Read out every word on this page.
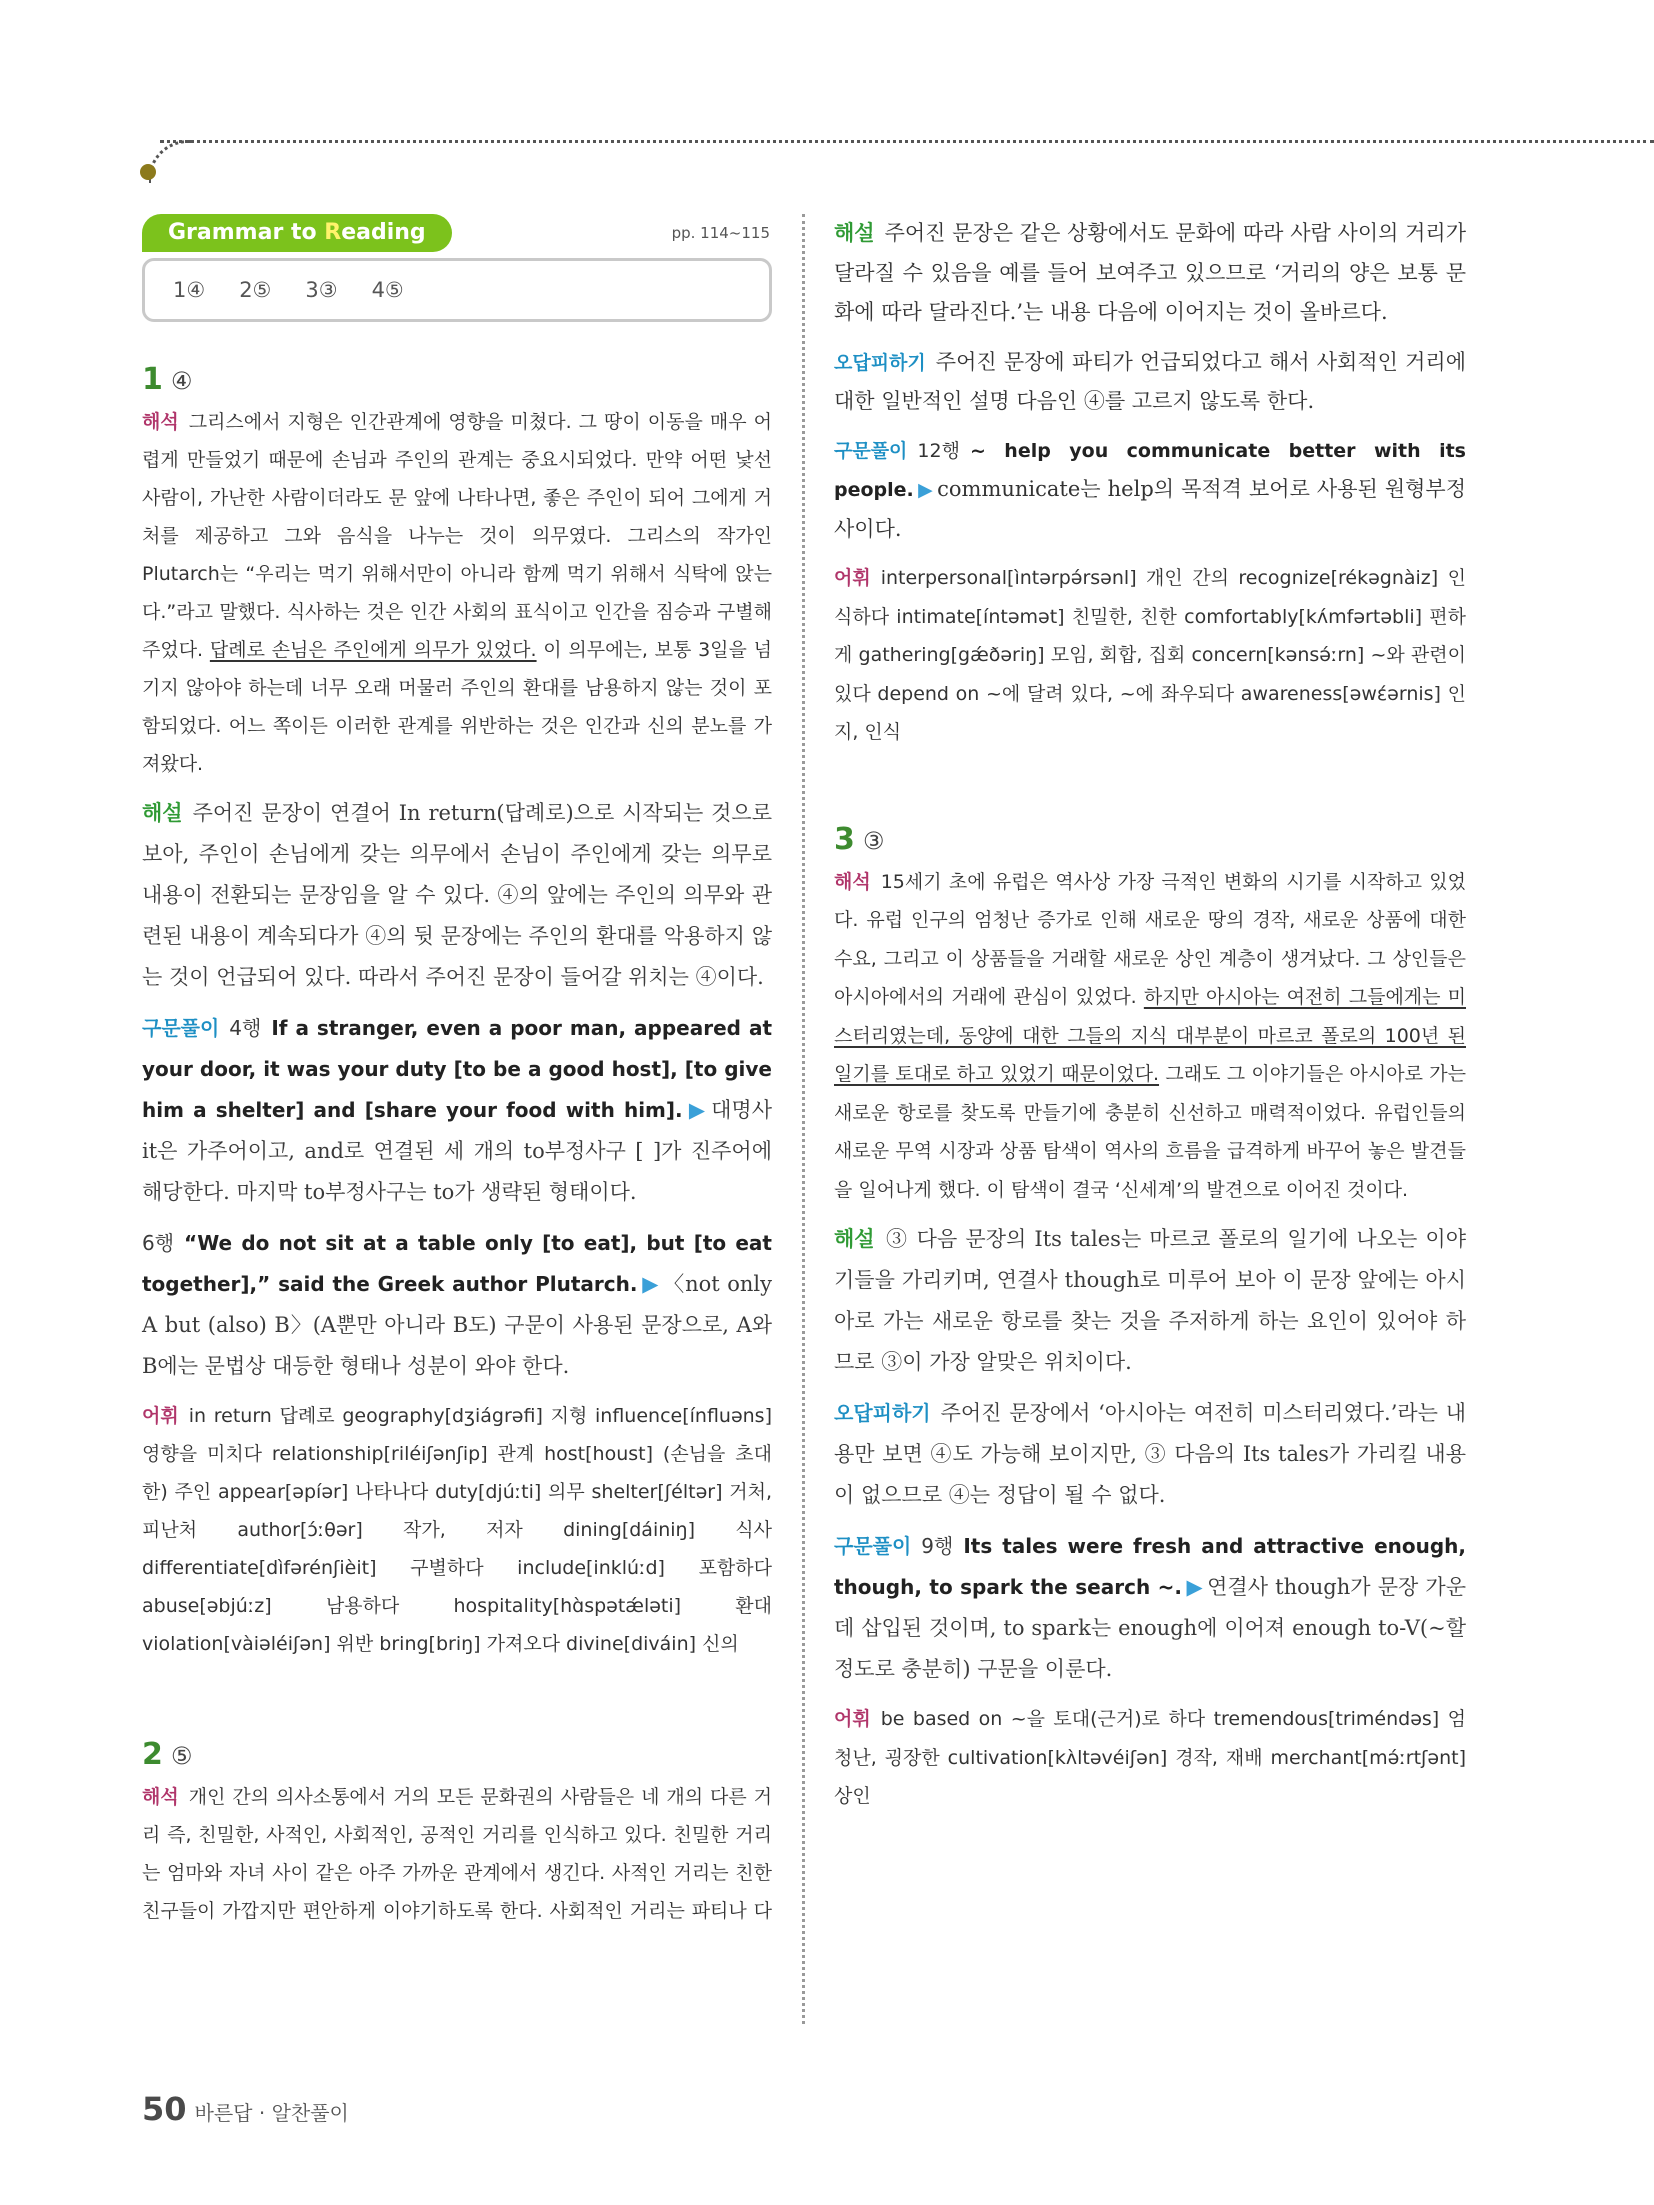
Grammar to Reading	pp. 114~115
1④ 2⑤ 3③ 4⑤
1 ④

해석 그리스에서 지형은 인간관계에 영향을 미쳤다. 그 땅이 이동을 매우 어렵게 만들었기 때문에 손님과 주인의 관계는 중요시되었다. 만약 어떤 낯선 사람이, 가난한 사람이더라도 문 앞에 나타나면, 좋은 주인이 되어 그에게 거처를 제공하고 그와 음식을 나누는 것이 의무였다. 그리스의 작가인 Plutarch는 “우리는 먹기 위해서만이 아니라 함께 먹기 위해서 식탁에 앉는다.”라고 말했다. 식사하는 것은 인간 사회의 표식이고 인간을 짐승과 구별해 주었다. 답례로 손님은 주인에게 의무가 있었다. 이 의무에는, 보통 3일을 넘기지 않아야 하는데 너무 오래 머물러 주인의 환대를 남용하지 않는 것이 포함되었다. 어느 쪽이든 이러한 관계를 위반하는 것은 인간과 신의 분노를 가져왔다.

해설 주어진 문장이 연결어 In return(답례로)으로 시작되는 것으로 보아, 주인이 손님에게 갖는 의무에서 손님이 주인에게 갖는 의무로 내용이 전환되는 문장임을 알 수 있다. ④의 앞에는 주인의 의무와 관련된 내용이 계속되다가 ④의 뒷 문장에는 주인의 환대를 악용하지 않는 것이 언급되어 있다. 따라서 주어진 문장이 들어갈 위치는 ④이다.

구문풀이 4행 If a stranger, even a poor man, appeared at your door, it was your duty [to be a good host], [to give him a shelter] and [share your food with him]. ▶ 대명사 it은 가주어이고, and로 연결된 세 개의 to부정사구 [ ]가 진주어에 해당한다. 마지막 to부정사구는 to가 생략된 형태이다.

6행 “We do not sit at a table only [to eat], but [to eat together],” said the Greek author Plutarch. ▶ 〈not only A but (also) B〉(A뿐만 아니라 B도) 구문이 사용된 문장으로, A와 B에는 문법상 대등한 형태나 성분이 와야 한다.

어휘 in return 답례로 geography[dʒiágrəfi] 지형 influence[ínfluəns] 영향을 미치다 relationship[riléiʃənʃip] 관계 host[houst] (손님을 초대한) 주인 appear[əpíər] 나타나다 duty[djúːti] 의무 shelter[ʃéltər] 거처, 피난처 author[ɔ́ːθər] 작가, 저자 dining[dáiniŋ] 식사 differentiate[dìfərénʃièit] 구별하다 include[inklúːd] 포함하다 abuse[əbjúːz] 남용하다 hospitality[hɑ̀spətǽləti] 환대 violation[vàiəléiʃən] 위반 bring[briŋ] 가져오다 divine[diváin] 신의

2 ⑤

해석 개인 간의 의사소통에서 거의 모든 문화권의 사람들은 네 개의 다른 거리 즉, 친밀한, 사적인, 사회적인, 공적인 거리를 인식하고 있다. 친밀한 거리는 엄마와 자녀 사이 같은 아주 가까운 관계에서 생긴다. 사적인 거리는 친한 친구들이 가깝지만 편안하게 이야기하도록 한다. 사회적인 거리는 파티나 다

해설 주어진 문장은 같은 상황에서도 문화에 따라 사람 사이의 거리가 달라질 수 있음을 예를 들어 보여주고 있으므로 ‘거리의 양은 보통 문화에 따라 달라진다.’는 내용 다음에 이어지는 것이 올바르다.

오답피하기 주어진 문장에 파티가 언급되었다고 해서 사회적인 거리에 대한 일반적인 설명 다음인 ④를 고르지 않도록 한다.

구문풀이 12행 ~ help you communicate better with its people. ▶ communicate는 help의 목적격 보어로 사용된 원형부정사이다.

어휘 interpersonal[ìntərpə́rsənl] 개인 간의 recognize[rékəgnàiz] 인식하다 intimate[íntəmət] 친밀한, 친한 comfortably[kʌ́mfərtəbli] 편하게 gathering[gǽðəriŋ] 모임, 회합, 집회 concern[kənsə́ːrn] ~와 관련이 있다 depend on ~에 달려 있다, ~에 좌우되다 awareness[əwέərnis] 인지, 인식

3 ③

해석 15세기 초에 유럽은 역사상 가장 극적인 변화의 시기를 시작하고 있었다. 유럽 인구의 엄청난 증가로 인해 새로운 땅의 경작, 새로운 상품에 대한 수요, 그리고 이 상품들을 거래할 새로운 상인 계층이 생겨났다. 그 상인들은 아시아에서의 거래에 관심이 있었다. 하지만 아시아는 여전히 그들에게는 미스터리였는데, 동양에 대한 그들의 지식 대부분이 마르코 폴로의 100년 된 일기를 토대로 하고 있었기 때문이었다. 그래도 그 이야기들은 아시아로 가는 새로운 항로를 찾도록 만들기에 충분히 신선하고 매력적이었다. 유럽인들의 새로운 무역 시장과 상품 탐색이 역사의 흐름을 급격하게 바꾸어 놓은 발견들을 일어나게 했다. 이 탐색이 결국 ‘신세계’의 발견으로 이어진 것이다.

해설 ③ 다음 문장의 Its tales는 마르코 폴로의 일기에 나오는 이야기들을 가리키며, 연결사 though로 미루어 보아 이 문장 앞에는 아시아로 가는 새로운 항로를 찾는 것을 주저하게 하는 요인이 있어야 하므로 ③이 가장 알맞은 위치이다.

오답피하기 주어진 문장에서 ‘아시아는 여전히 미스터리였다.’라는 내용만 보면 ④도 가능해 보이지만, ③ 다음의 Its tales가 가리킬 내용이 없으므로 ④는 정답이 될 수 없다.

구문풀이 9행 Its tales were fresh and attractive enough, though, to spark the search ~. ▶ 연결사 though가 문장 가운데 삽입된 것이며, to spark는 enough에 이어져 enough to-V(~할 정도로 충분히) 구문을 이룬다.

어휘 be based on ~을 토대(근거)로 하다 tremendous[triméndəs] 엄청난, 굉장한 cultivation[kʌ̀ltəvéiʃən] 경작, 재배 merchant[mə́ːrtʃənt] 상인

50 바른답 · 알찬풀이
